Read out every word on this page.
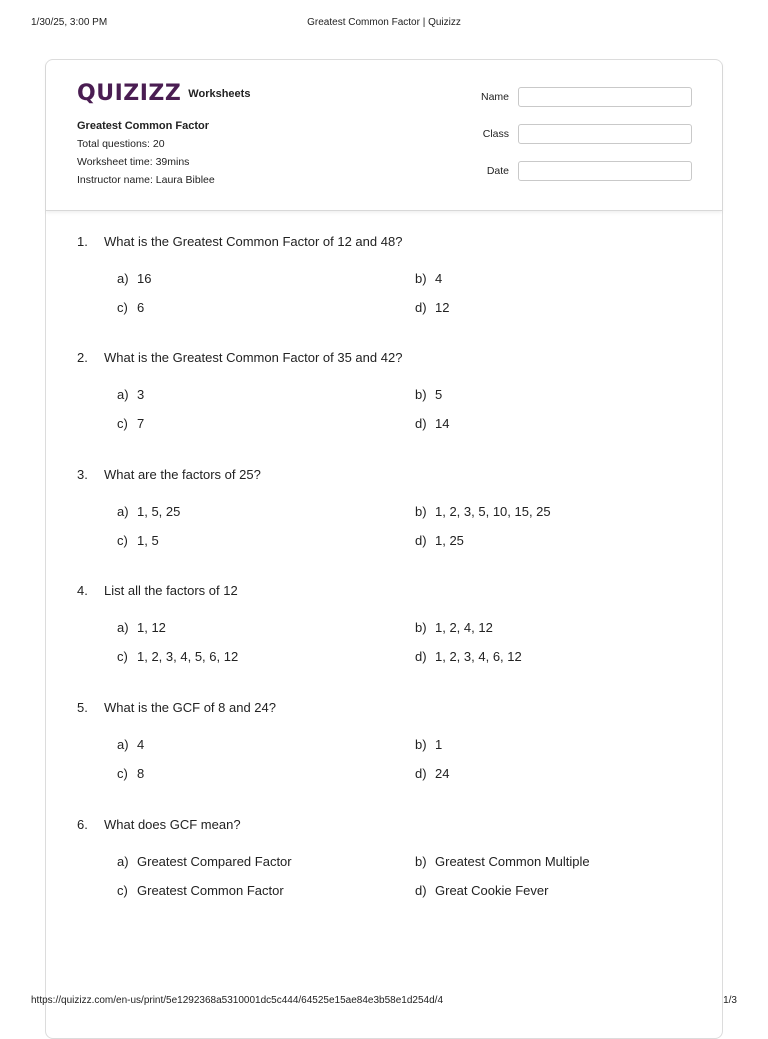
1/30/25, 3:00 PM	Greatest Common Factor | Quizizz
QUIZIZZ Worksheets
Greatest Common Factor
Total questions: 20
Worksheet time: 39mins
Instructor name: Laura Biblee
Name
Class
Date
1. What is the Greatest Common Factor of 12 and 48?
a) 16	b) 4
c) 6	d) 12
2. What is the Greatest Common Factor of 35 and 42?
a) 3	b) 5
c) 7	d) 14
3. What are the factors of 25?
a) 1, 5, 25	b) 1, 2, 3, 5, 10, 15, 25
c) 1, 5	d) 1, 25
4. List all the factors of 12
a) 1, 12	b) 1, 2, 4, 12
c) 1, 2, 3, 4, 5, 6, 12	d) 1, 2, 3, 4, 6, 12
5. What is the GCF of 8 and 24?
a) 4	b) 1
c) 8	d) 24
6. What does GCF mean?
a) Greatest Compared Factor	b) Greatest Common Multiple
c) Greatest Common Factor	d) Great Cookie Fever
https://quizizz.com/en-us/print/5e1292368a5310001dc5c444/64525e15ae84e3b58e1d254d/4	1/3
